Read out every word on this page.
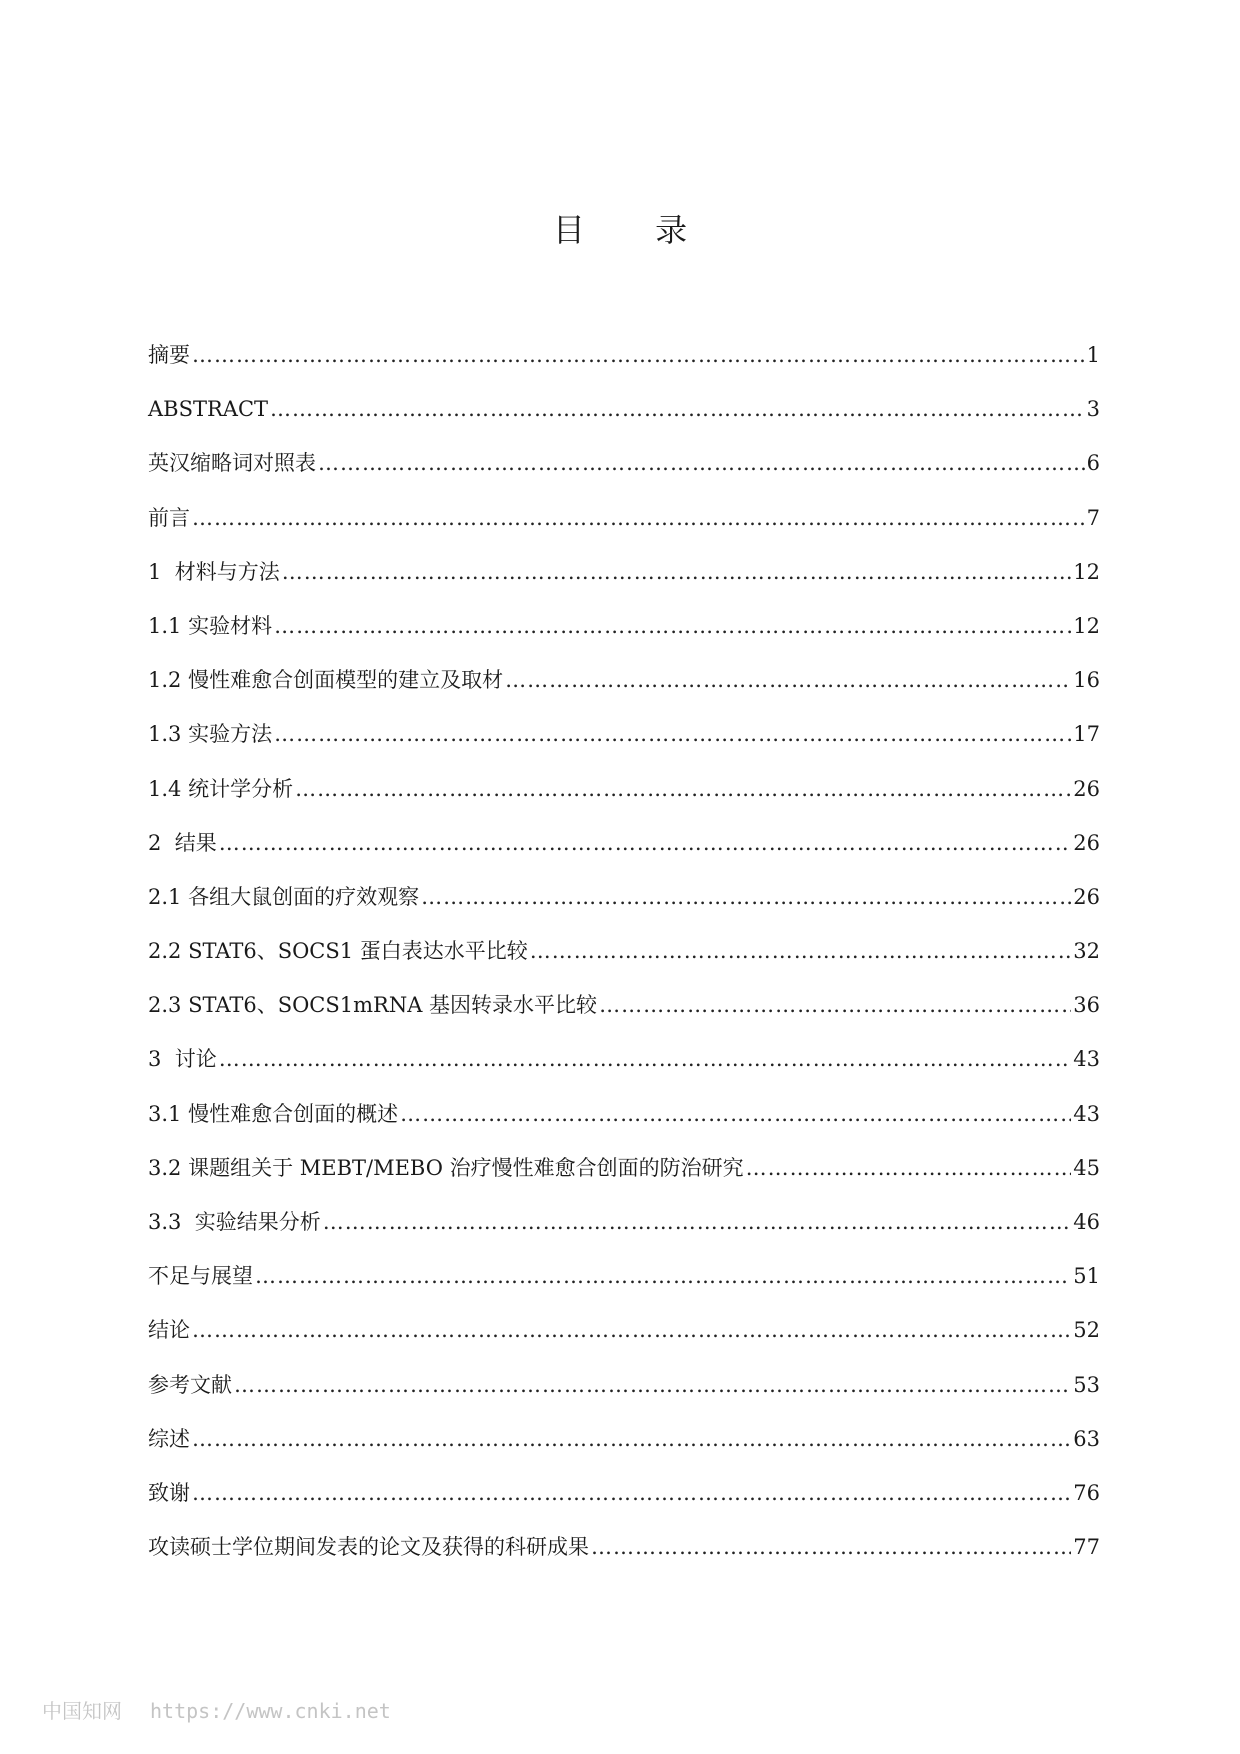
目 录
摘要 …………………………………………………………………………………………………………………………………………………………………………	1
ABSTRACT …………………………………………………………………………………………………………………………………………………………………………	3
英汉缩略词对照表 …………………………………………………………………………………………………………………………………………………………………………	6
前言 …………………………………………………………………………………………………………………………………………………………………………	7
1  材料与方法 …………………………………………………………………………………………………………………………………………………………………………	12
1.1 实验材料 …………………………………………………………………………………………………………………………………………………………………………	12
1.2 慢性难愈合创面模型的建立及取材 …………………………………………………………………………………………………………………………………………………………………………	16
1.3 实验方法 …………………………………………………………………………………………………………………………………………………………………………	17
1.4 统计学分析 …………………………………………………………………………………………………………………………………………………………………………	26
2  结果 …………………………………………………………………………………………………………………………………………………………………………	26
2.1 各组大鼠创面的疗效观察 …………………………………………………………………………………………………………………………………………………………………………	26
2.2 STAT6、SOCS1 蛋白表达水平比较 …………………………………………………………………………………………………………………………………………………………………………	32
2.3 STAT6、SOCS1mRNA 基因转录水平比较 …………………………………………………………………………………………………………………………………………………………………………	36
3  讨论 …………………………………………………………………………………………………………………………………………………………………………	43
3.1 慢性难愈合创面的概述 …………………………………………………………………………………………………………………………………………………………………………	43
3.2 课题组关于 MEBT/MEBO 治疗慢性难愈合创面的防治研究 …………………………………………………………………………………………………………………………………………………………………………	45
3.3  实验结果分析 …………………………………………………………………………………………………………………………………………………………………………	46
不足与展望 …………………………………………………………………………………………………………………………………………………………………………	51
结论 …………………………………………………………………………………………………………………………………………………………………………	52
参考文献 …………………………………………………………………………………………………………………………………………………………………………	53
综述 …………………………………………………………………………………………………………………………………………………………………………	63
致谢 …………………………………………………………………………………………………………………………………………………………………………	76
攻读硕士学位期间发表的论文及获得的科研成果 …………………………………………………………………………………………………………………………………………………………………………	77
中国知网 https://www.cnki.net
